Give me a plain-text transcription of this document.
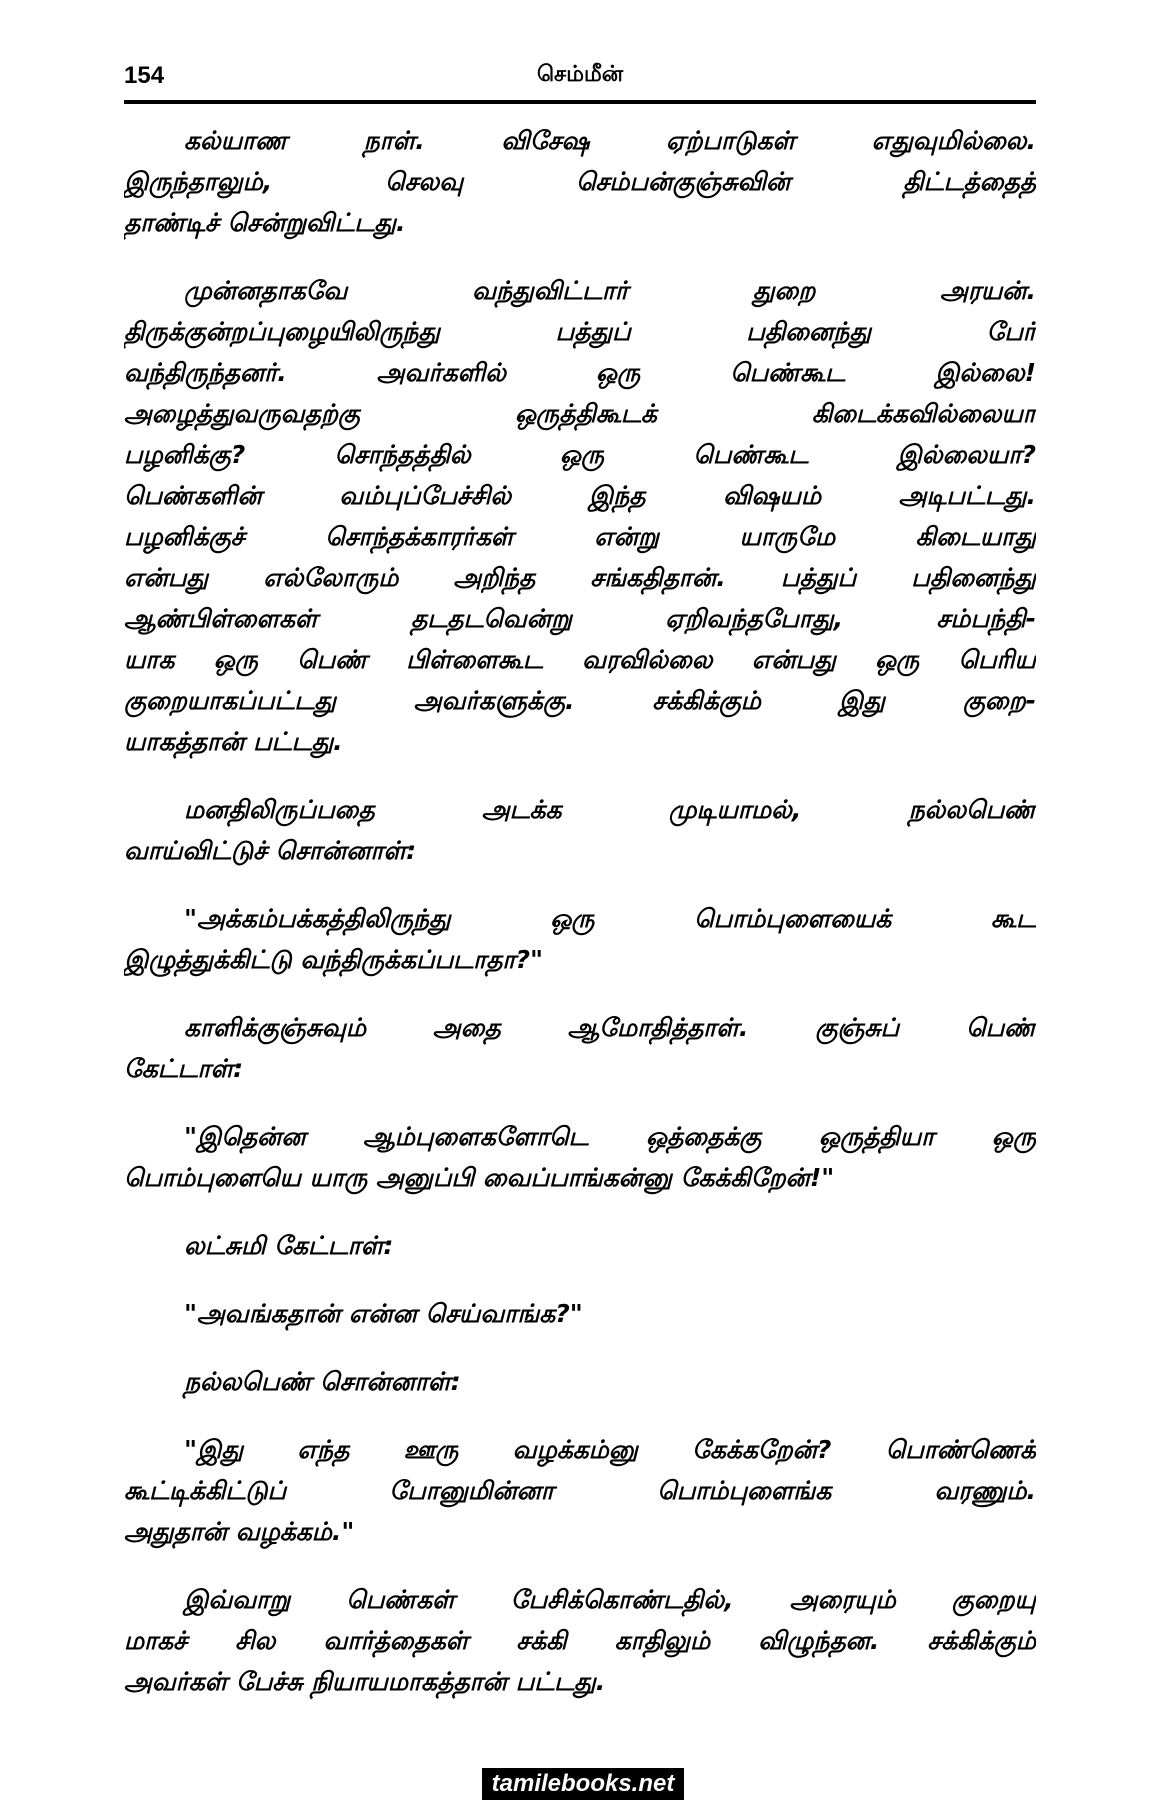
154	செம்மீன்
கல்யாண நாள். விசேஷ ஏற்பாடுகள் எதுவுமில்லை.
இருந்தாலும், செலவு செம்பன்குஞ்சுவின் திட்டத்தைத்
தாண்டிச் சென்றுவிட்டது.
முன்னதாகவே வந்துவிட்டார் துறை அரயன்.
திருக்குன்றப்புழையிலிருந்து பத்துப் பதினைந்து பேர்
வந்திருந்தனர். அவர்களில் ஒரு பெண்கூட இல்லை!
அழைத்துவருவதற்கு ஒருத்திகூடக் கிடைக்கவில்லையா
பழனிக்கு? சொந்தத்தில் ஒரு பெண்கூட இல்லையா?
பெண்களின் வம்புப்பேச்சில் இந்த விஷயம் அடிபட்டது.
பழனிக்குச் சொந்தக்காரர்கள் என்று யாருமே கிடையாது
என்பது எல்லோரும் அறிந்த சங்கதிதான். பத்துப் பதினைந்து
ஆண்பிள்ளைகள் தடதடவென்று ஏறிவந்தபோது, சம்பந்தி-
யாக ஒரு பெண் பிள்ளைகூட வரவில்லை என்பது ஒரு பெரிய
குறையாகப்பட்டது அவர்களுக்கு. சக்கிக்கும் இது குறை-
யாகத்தான் பட்டது.
மனதிலிருப்பதை அடக்க முடியாமல், நல்லபெண்
வாய்விட்டுச் சொன்னாள்:
"அக்கம்பக்கத்திலிருந்து ஒரு பொம்புளையைக் கூட
இழுத்துக்கிட்டு வந்திருக்கப்படாதா?"
காளிக்குஞ்சுவும் அதை ஆமோதித்தாள். குஞ்சுப் பெண்
கேட்டாள்:
"இதென்ன ஆம்புளைகளோடெ ஒத்தைக்கு ஒருத்தியா ஒரு
பொம்புளையெ யாரு அனுப்பி வைப்பாங்கன்னு கேக்கிறேன்!"
லட்சுமி கேட்டாள்:
"அவங்கதான் என்ன செய்வாங்க?"
நல்லபெண் சொன்னாள்:
"இது எந்த ஊரு வழக்கம்னு கேக்கறேன்? பொண்ணெக்
கூட்டிக்கிட்டுப் போனுமின்னா பொம்புளைங்க வரணும்.
அதுதான் வழக்கம்."
இவ்வாறு பெண்கள் பேசிக்கொண்டதில், அரையும் குறையு
மாகச் சில வார்த்தைகள் சக்கி காதிலும் விழுந்தன. சக்கிக்கும்
அவர்கள் பேச்சு நியாயமாகத்தான் பட்டது.
tamilebooks.net
